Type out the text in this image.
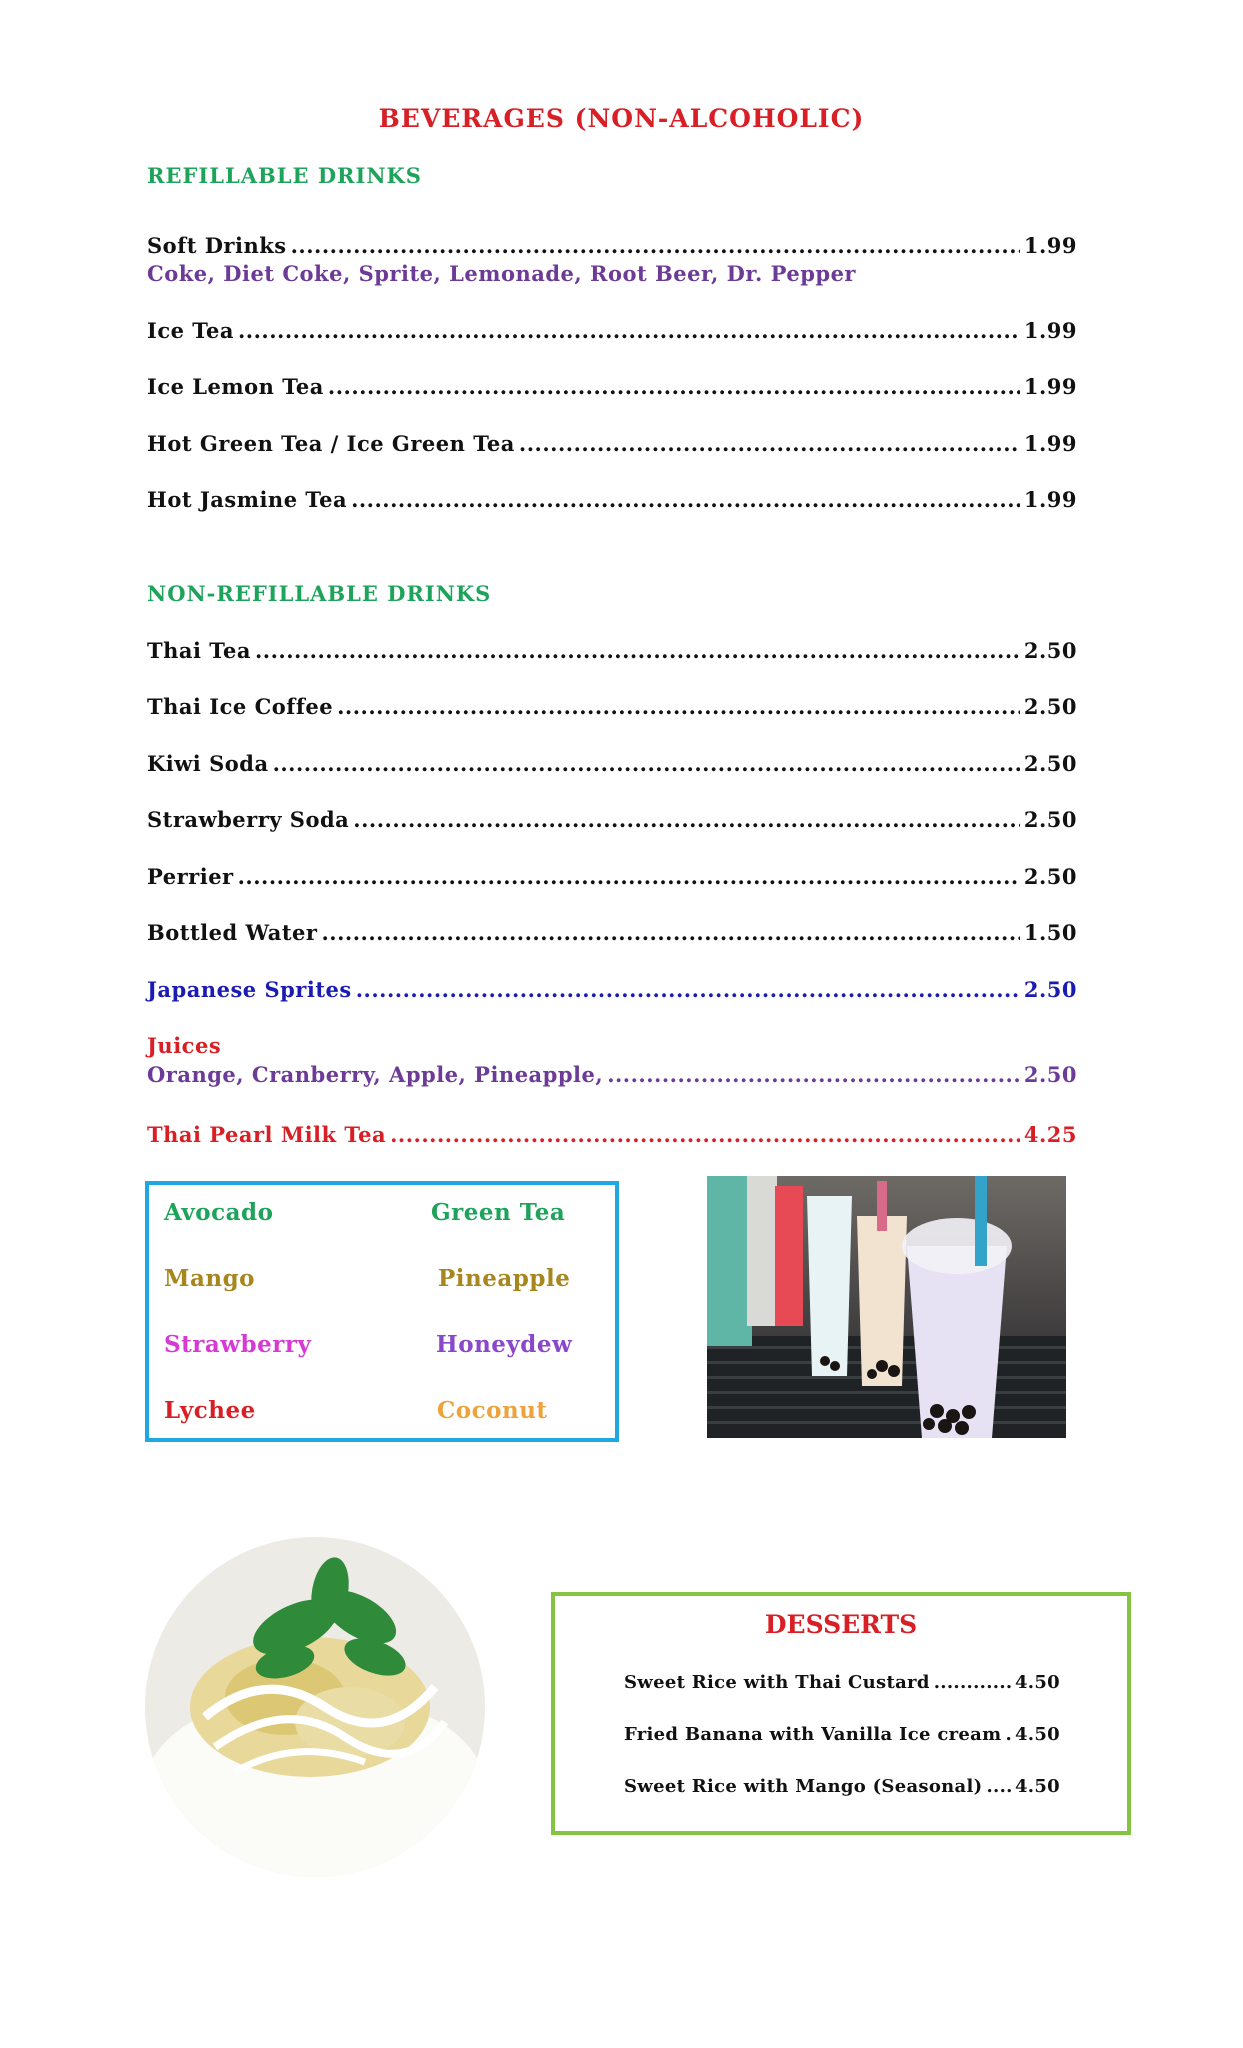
BEVERAGES (NON-ALCOHOLIC)
REFILLABLE DRINKS
Soft Drinks .....	1.99
Coke, Diet Coke, Sprite, Lemonade, Root Beer, Dr. Pepper
Ice Tea .....	1.99
Ice Lemon Tea .....	1.99
Hot Green Tea / Ice Green Tea .....	1.99
Hot Jasmine Tea .....	1.99
NON-REFILLABLE DRINKS
Thai Tea .....	2.50
Thai Ice Coffee .....	2.50
Kiwi Soda .....	2.50
Strawberry Soda .....	2.50
Perrier .....	2.50
Bottled Water .....	1.50
Japanese Sprites .....	2.50
Juices
Orange, Cranberry, Apple, Pineapple, .....	2.50
Thai Pearl Milk Tea .....	4.25
Avocado	Green Tea
Mango	Pineapple
Strawberry	Honeydew
Lychee	Coconut
DESSERTS
Sweet Rice with Thai Custard .....	4.50
Fried Banana with Vanilla Ice cream ..... 4.50
Sweet Rice with Mango (Seasonal) ..... 4.50
